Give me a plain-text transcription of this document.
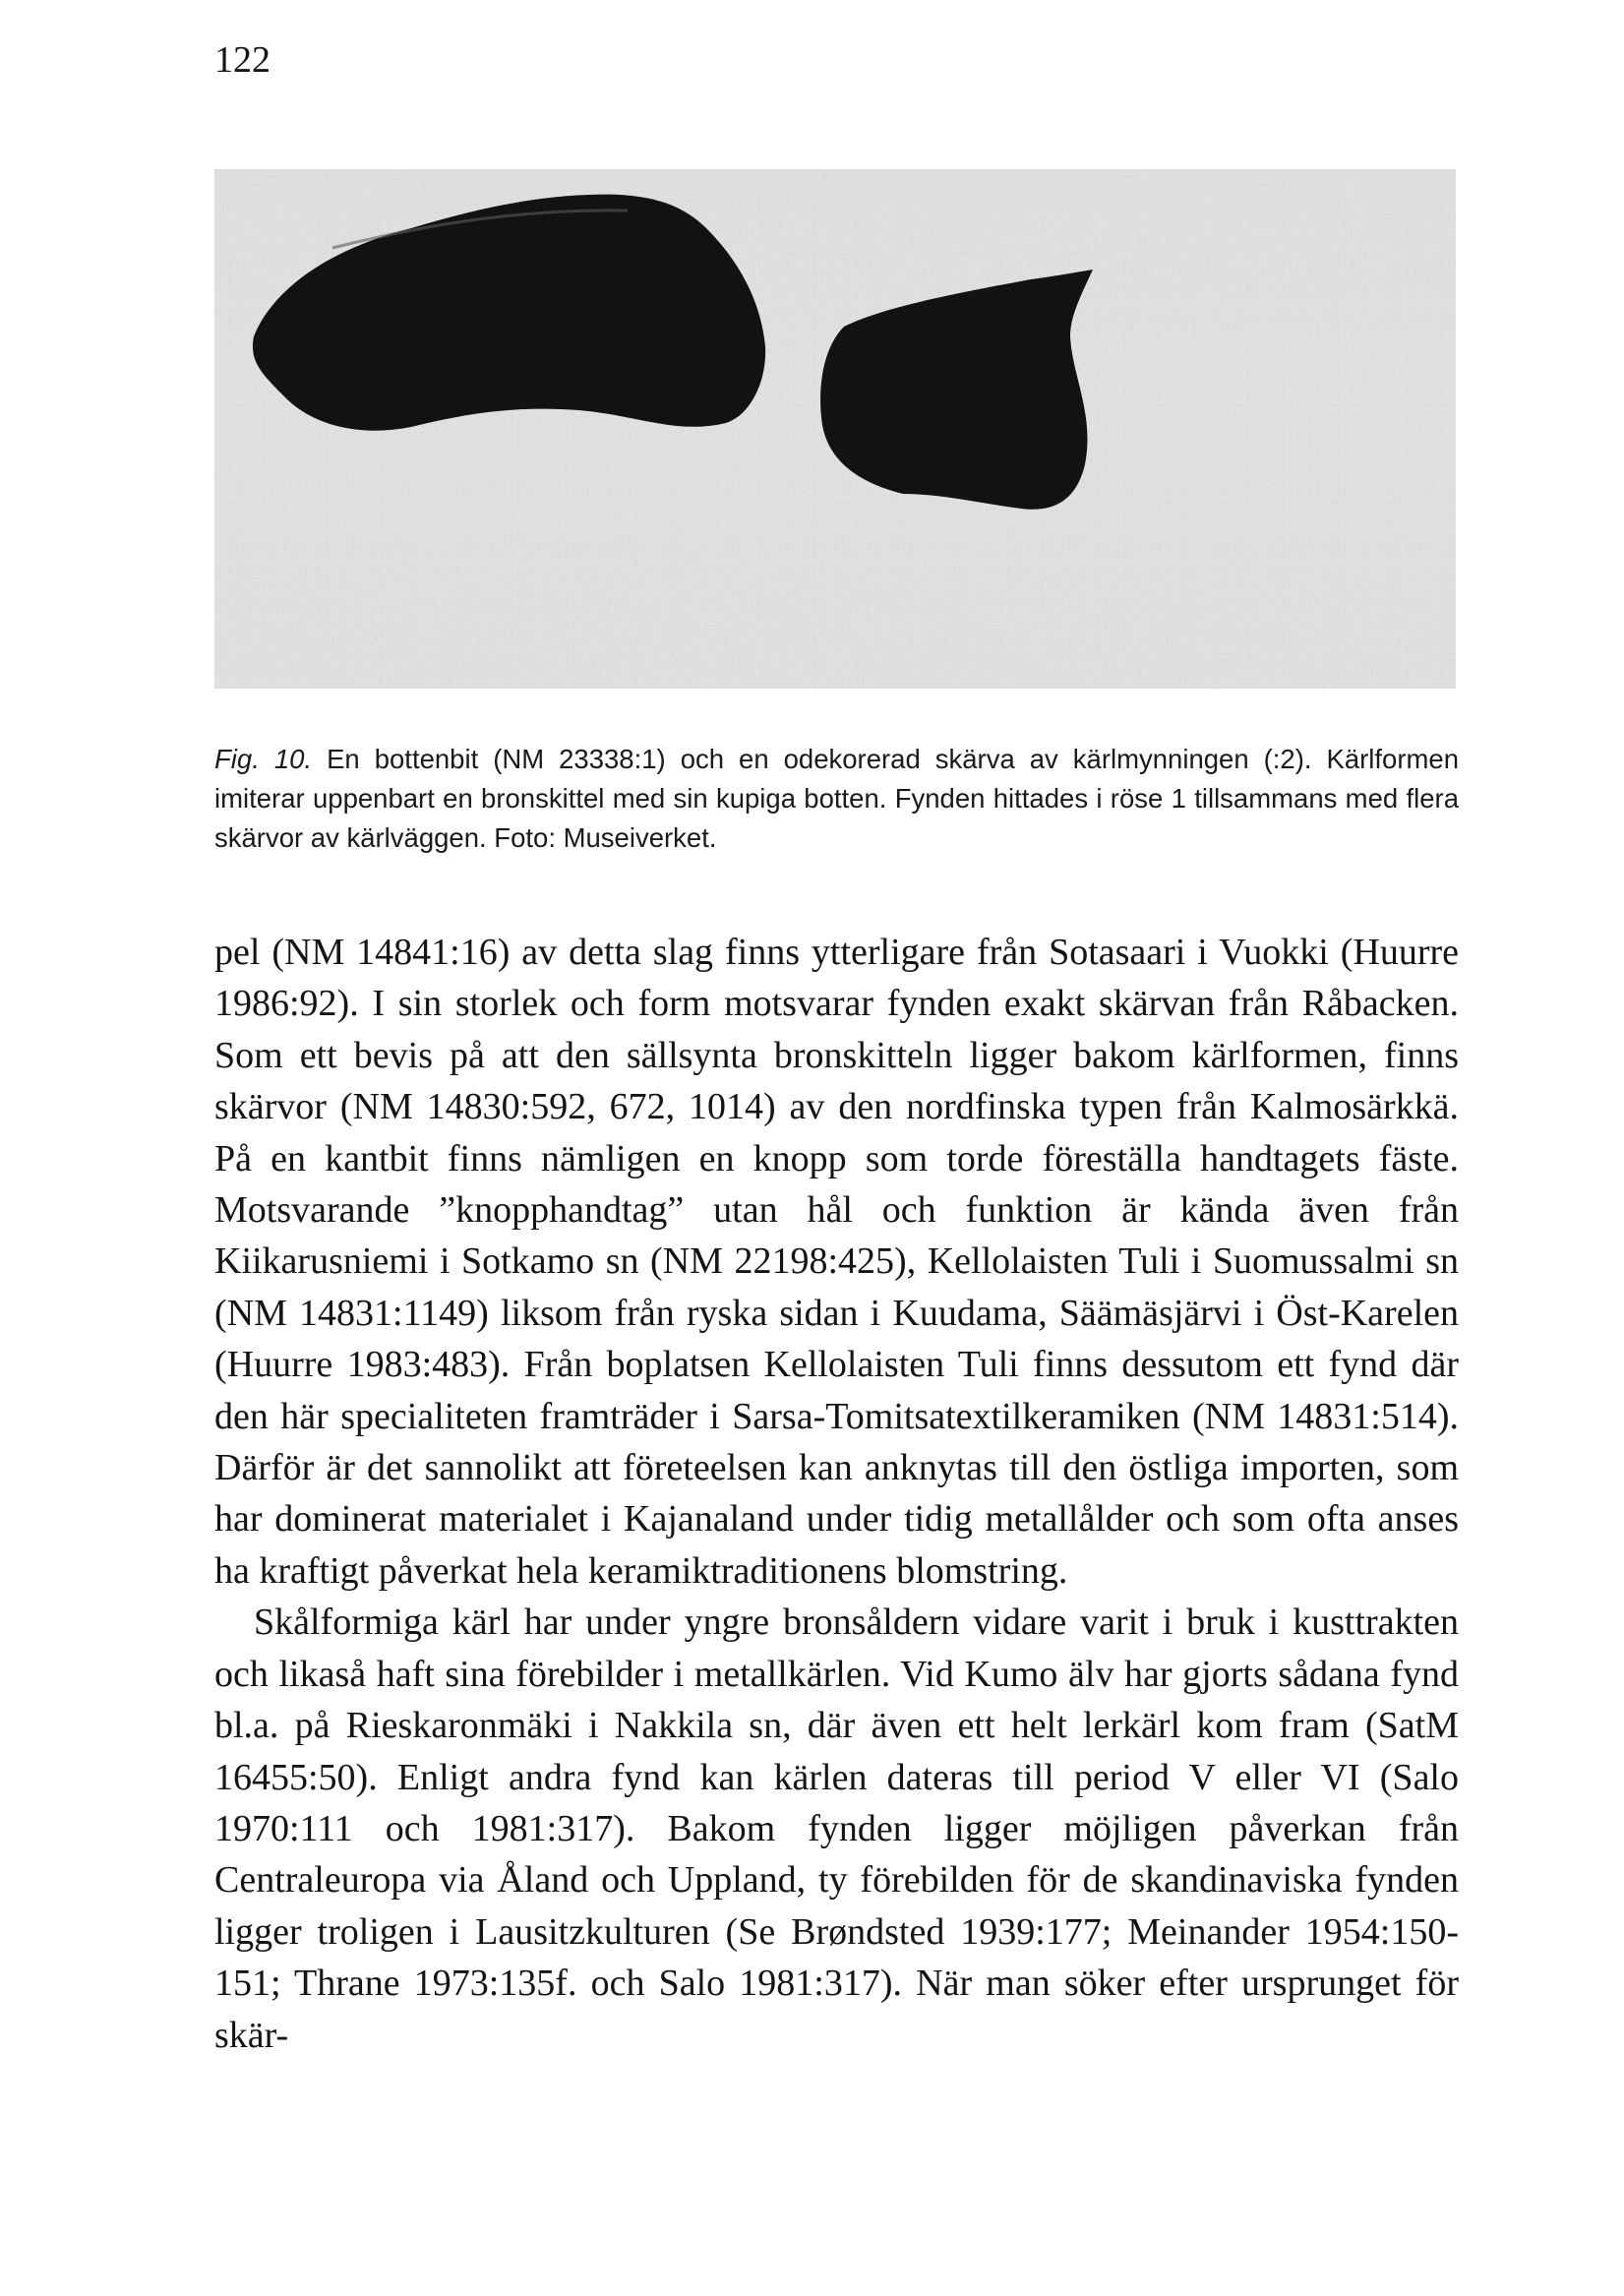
122
Fig. 10. En bottenbit (NM 23338:1) och en odekorerad skärva av kärlmynningen (:2). Kärlformen imiterar uppenbart en bronskittel med sin kupiga botten. Fynden hittades i röse 1 tillsammans med flera skärvor av kärlväggen. Foto: Museiverket.

pel (NM 14841:16) av detta slag finns ytterligare från Sotasaari i Vuokki (Huurre 1986:92). I sin storlek och form motsvarar fynden exakt skärvan från Råbacken. Som ett bevis på att den sällsynta bronskitteln ligger bakom kärlformen, finns skärvor (NM 14830:592, 672, 1014) av den nordfinska typen från Kalmosärkkä. På en kantbit finns nämligen en knopp som torde föreställa handtagets fäste. Motsvarande ”knopphandtag” utan hål och funktion är kända även från Kiikarusniemi i Sotkamo sn (NM 22198:425), Kellolaisten Tuli i Suomussalmi sn (NM 14831:1149) liksom från ryska sidan i Kuudama, Säämäsjärvi i Öst-Karelen (Huurre 1983:483). Från boplatsen Kellolaisten Tuli finns dessutom ett fynd där den här specialiteten framträder i Sarsa-Tomitsatextilkeramiken (NM 14831:514). Därför är det sannolikt att företeelsen kan anknytas till den östliga importen, som har dominerat materialet i Kajanaland under tidig metallålder och som ofta anses ha kraftigt påverkat hela keramiktraditionens blomstring.

Skålformiga kärl har under yngre bronsåldern vidare varit i bruk i kusttrakten och likaså haft sina förebilder i metallkärlen. Vid Kumo älv har gjorts sådana fynd bl.a. på Rieskaronmäki i Nakkila sn, där även ett helt lerkärl kom fram (SatM 16455:50). Enligt andra fynd kan kärlen dateras till period V eller VI (Salo 1970:111 och 1981:317). Bakom fynden ligger möjligen påverkan från Centraleuropa via Åland och Uppland, ty förebilden för de skandinaviska fynden ligger troligen i Lausitzkulturen (Se Brøndsted 1939:177; Meinander 1954:150-151; Thrane 1973:135f. och Salo 1981:317). När man söker efter ursprunget för skär-
